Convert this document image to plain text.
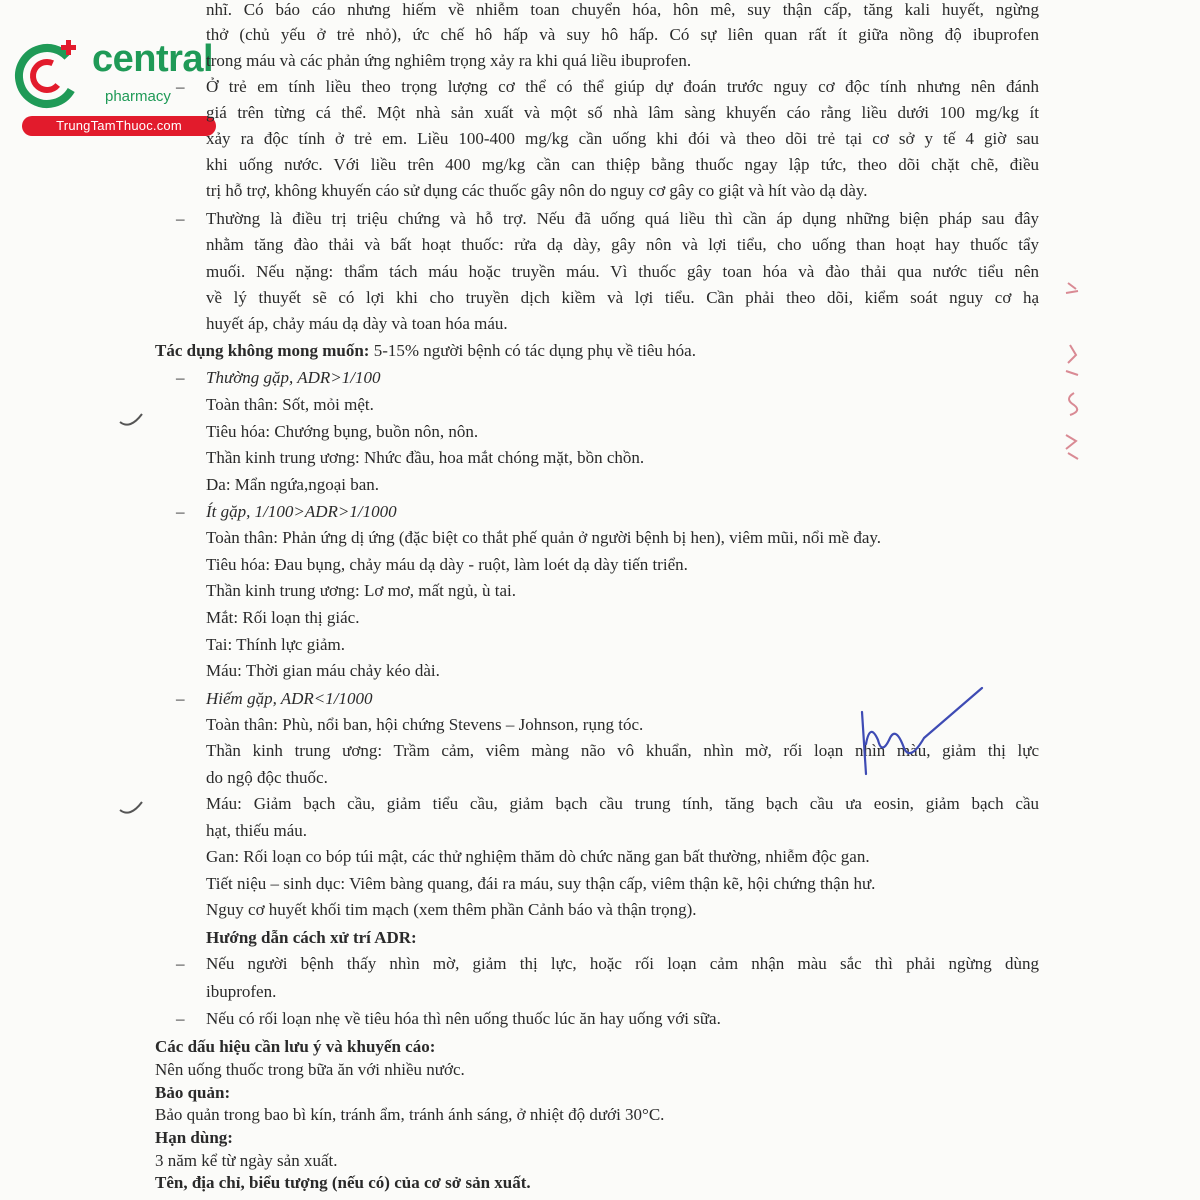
central
pharmacy
TrungTamThuoc.com
nhĩ. Có báo cáo nhưng hiếm về nhiễm toan chuyển hóa, hôn mê, suy thận cấp, tăng kali huyết, ngừng
thở (chủ yếu ở trẻ nhỏ), ức chế hô hấp và suy hô hấp. Có sự liên quan rất ít giữa nồng độ ibuprofen
trong máu và các phản ứng nghiêm trọng xảy ra khi quá liều ibuprofen.
– Ở trẻ em tính liều theo trọng lượng cơ thể có thể giúp dự đoán trước nguy cơ độc tính nhưng nên đánh
giá trên từng cá thể. Một nhà sản xuất và một số nhà lâm sàng khuyến cáo rằng liều dưới 100 mg/kg ít
xảy ra độc tính ở trẻ em. Liều 100-400 mg/kg cần uống khi đói và theo dõi trẻ tại cơ sở y tế 4 giờ sau
khi uống nước. Với liều trên 400 mg/kg cần can thiệp bằng thuốc ngay lập tức, theo dõi chặt chẽ, điều
trị hỗ trợ, không khuyến cáo sử dụng các thuốc gây nôn do nguy cơ gây co giật và hít vào dạ dày.
– Thường là điều trị triệu chứng và hỗ trợ. Nếu đã uống quá liều thì cần áp dụng những biện pháp sau đây
nhằm tăng đào thải và bất hoạt thuốc: rửa dạ dày, gây nôn và lợi tiểu, cho uống than hoạt hay thuốc tẩy
muối. Nếu nặng: thẩm tách máu hoặc truyền máu. Vì thuốc gây toan hóa và đào thải qua nước tiểu nên
về lý thuyết sẽ có lợi khi cho truyền dịch kiềm và lợi tiểu. Cần phải theo dõi, kiểm soát nguy cơ hạ
huyết áp, chảy máu dạ dày và toan hóa máu.
Tác dụng không mong muốn: 5-15% người bệnh có tác dụng phụ về tiêu hóa.
– Thường gặp, ADR>1/100
Toàn thân: Sốt, mỏi mệt.
Tiêu hóa: Chướng bụng, buồn nôn, nôn.
Thần kinh trung ương: Nhức đầu, hoa mắt chóng mặt, bồn chồn.
Da: Mẩn ngứa,ngoại ban.
– Ít gặp, 1/100>ADR>1/1000
Toàn thân: Phản ứng dị ứng (đặc biệt co thắt phế quản ở người bệnh bị hen), viêm mũi, nổi mề đay.
Tiêu hóa: Đau bụng, chảy máu dạ dày - ruột, làm loét dạ dày tiến triển.
Thần kinh trung ương: Lơ mơ, mất ngủ, ù tai.
Mắt: Rối loạn thị giác.
Tai: Thính lực giảm.
Máu: Thời gian máu chảy kéo dài.
– Hiếm gặp, ADR<1/1000
Toàn thân: Phù, nổi ban, hội chứng Stevens – Johnson, rụng tóc.
Thần kinh trung ương: Trầm cảm, viêm màng não vô khuẩn, nhìn mờ, rối loạn nhìn màu, giảm thị lực
do ngộ độc thuốc.
Máu: Giảm bạch cầu, giảm tiểu cầu, giảm bạch cầu trung tính, tăng bạch cầu ưa eosin, giảm bạch cầu
hạt, thiếu máu.
Gan: Rối loạn co bóp túi mật, các thử nghiệm thăm dò chức năng gan bất thường, nhiễm độc gan.
Tiết niệu – sinh dục: Viêm bàng quang, đái ra máu, suy thận cấp, viêm thận kẽ, hội chứng thận hư.
Nguy cơ huyết khối tim mạch (xem thêm phần Cảnh báo và thận trọng).
Hướng dẫn cách xử trí ADR:
– Nếu người bệnh thấy nhìn mờ, giảm thị lực, hoặc rối loạn cảm nhận màu sắc thì phải ngừng dùng
ibuprofen.
– Nếu có rối loạn nhẹ về tiêu hóa thì nên uống thuốc lúc ăn hay uống với sữa.
Các dấu hiệu cần lưu ý và khuyến cáo:
Nên uống thuốc trong bữa ăn với nhiều nước.
Bảo quản:
Bảo quản trong bao bì kín, tránh ẩm, tránh ánh sáng, ở nhiệt độ dưới 30°C.
Hạn dùng:
3 năm kể từ ngày sản xuất.
Tên, địa chỉ, biểu tượng (nếu có) của cơ sở sản xuất.
